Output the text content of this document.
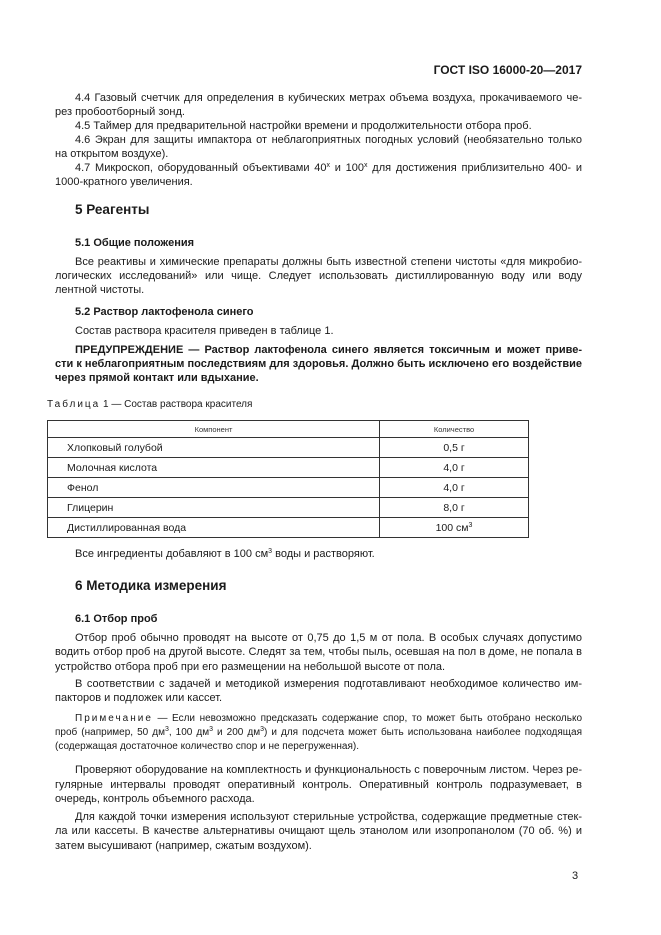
ГОСТ ISO 16000-20—2017
4.4 Газовый счетчик для определения в кубических метрах объема воздуха, прокачиваемого че-
рез пробоотборный зонд.
4.5 Таймер для предварительной настройки времени и продолжительности отбора проб.
4.6 Экран для защиты импактора от неблагоприятных погодных условий (необязательно только
на открытом воздухе).
4.7 Микроскоп, оборудованный объективами 40$^x$ и 100$^x$ для достижения приблизительно 400- и
1000-кратного увеличения.
5 Реагенты
5.1 Общие положения
Все реактивы и химические препараты должны быть известной степени чистоты «для микробио-
логических исследований» или чище. Следует использовать дистиллированную воду или воду
лентной чистоты.
5.2 Раствор лактофенола синего
Состав раствора красителя приведен в таблице 1.
ПРЕДУПРЕЖДЕНИЕ — Раствор лактофенола синего является токсичным и может приве-
сти к неблагоприятным последствиям для здоровья. Должно быть исключено его воздействие
через прямой контакт или вдыхание.
Таблица 1 — Состав раствора красителя
Компонент	Количество
Хлопковый голубой	0,5 г
Молочная кислота	4,0 г
Фенол	4,0 г
Глицерин	8,0 г
Дистиллированная вода	100 $см^3$
Все ингредиенты добавляют в 100 $см^3$ воды и растворяют.
6 Методика измерения
6.1 Отбор проб
Отбор проб обычно проводят на высоте от 0,75 до 1,5 м от пола. В особых случаях допустимо
водить отбор проб на другой высоте. Следят за тем, чтобы пыль, осевшая на пол в доме, не попала в
устройство отбора проб при его размещении на небольшой высоте от пола.
В соответствии с задачей и методикой измерения подготавливают необходимое количество им-
пакторов и подложек или кассет.
Примечание — Если невозможно предсказать содержание спор, то может быть отобрано несколько
проб (например, 50 $дм^3$, 100 $дм^3$ и 200 $дм^3$) и для подсчета может быть использована наиболее подходящая
(содержащая достаточное количество спор и не перегруженная).
Проверяют оборудование на комплектность и функциональность с поверочным листом. Через ре-
гулярные интервалы проводят оперативный контроль. Оперативный контроль подразумевает, в
очередь, контроль объемного расхода.
Для каждой точки измерения используют стерильные устройства, содержащие предметные стек-
ла или кассеты. В качестве альтернативы очищают щель этанолом или изопропанолом (70 об. %) и
затем высушивают (например, сжатым воздухом).
3
